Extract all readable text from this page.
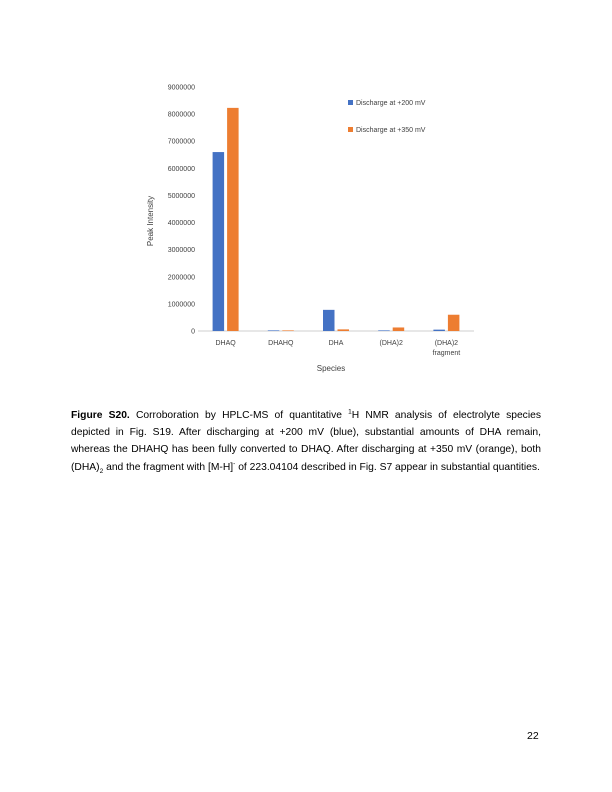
0
1000000
2000000
3000000
4000000
5000000
6000000
7000000
8000000
9000000
DHAQ	DHAHQ	DHA	(DHA)2	(DHA)2
fragment
Peak Intensity
Species
Discharge at +200 mV
Discharge at +350 mV
Figure S20. Corroboration by HPLC-MS of quantitative $^1$H NMR analysis of electrolyte species depicted in Fig. S19. After discharging at +200 mV (blue), substantial amounts of DHA remain, whereas the DHAHQ has been fully converted to DHAQ. After discharging at +350 mV (orange), both $(DHA)_2$ and the fragment with [M-H]- of 223.04104 described in Fig. S7 appear in substantial quantities.
22
